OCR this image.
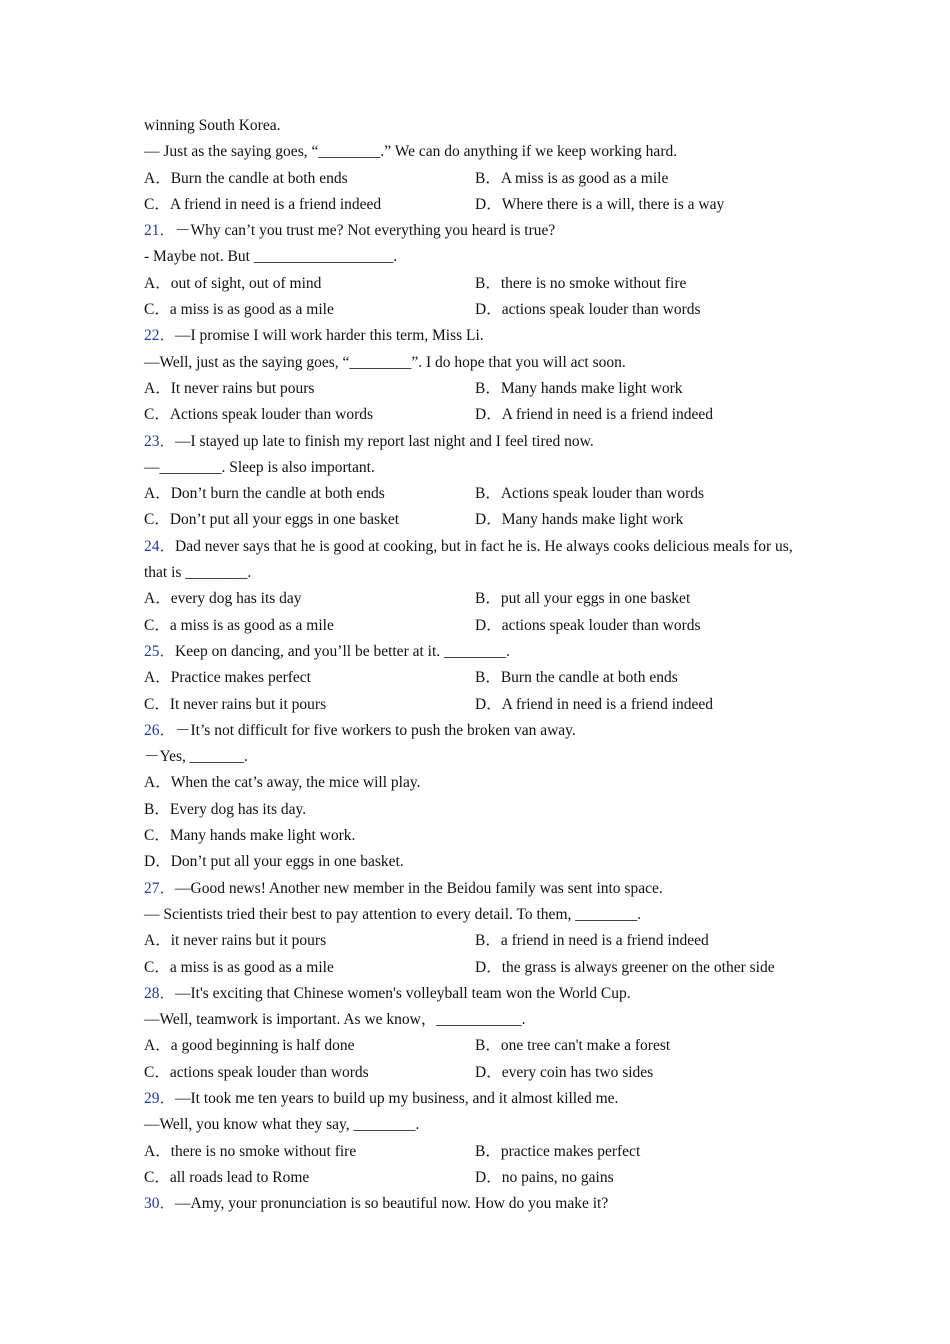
winning South Korea.
— Just as the saying goes, “________.” We can do anything if we keep working hard.
A．Burn the candle at both ends	B．A miss is as good as a mile
C．A friend in need is a friend indeed	D．Where there is a will, there is a way
21．－Why can’t you trust me? Not everything you heard is true?
- Maybe not. But __________________.
A．out of sight, out of mind	B．there is no smoke without fire
C．a miss is as good as a mile	D．actions speak louder than words
22．—I promise I will work harder this term, Miss Li.
—Well, just as the saying goes, “________”. I do hope that you will act soon.
A．It never rains but pours	B．Many hands make light work
C．Actions speak louder than words	D．A friend in need is a friend indeed
23．—I stayed up late to finish my report last night and I feel tired now.
—________. Sleep is also important.
A．Don’t burn the candle at both ends	B．Actions speak louder than words
C．Don’t put all your eggs in one basket	D．Many hands make light work
24．Dad never says that he is good at cooking, but in fact he is. He always cooks delicious meals for us, that is ________.
A．every dog has its day	B．put all your eggs in one basket
C．a miss is as good as a mile	D．actions speak louder than words
25．Keep on dancing, and you’ll be better at it. ________.
A．Practice makes perfect	B．Burn the candle at both ends
C．It never rains but it pours	D．A friend in need is a friend indeed
26．－It’s not difficult for five workers to push the broken van away.
－Yes, _______.
A．When the cat’s away, the mice will play.
B．Every dog has its day.
C．Many hands make light work.
D．Don’t put all your eggs in one basket.
27．—Good news! Another new member in the Beidou family was sent into space.
— Scientists tried their best to pay attention to every detail. To them, ________.
A．it never rains but it pours	B．a friend in need is a friend indeed
C．a miss is as good as a mile	D．the grass is always greener on the other side
28．—It's exciting that Chinese women's volleyball team won the World Cup.
—Well, teamwork is important. As we know，___________.
A．a good beginning is half done	B．one tree can't make a forest
C．actions speak louder than words	D．every coin has two sides
29．—It took me ten years to build up my business, and it almost killed me.
—Well, you know what they say, ________.
A．there is no smoke without fire	B．practice makes perfect
C．all roads lead to Rome	D．no pains, no gains
30．—Amy, your pronunciation is so beautiful now. How do you make it?
